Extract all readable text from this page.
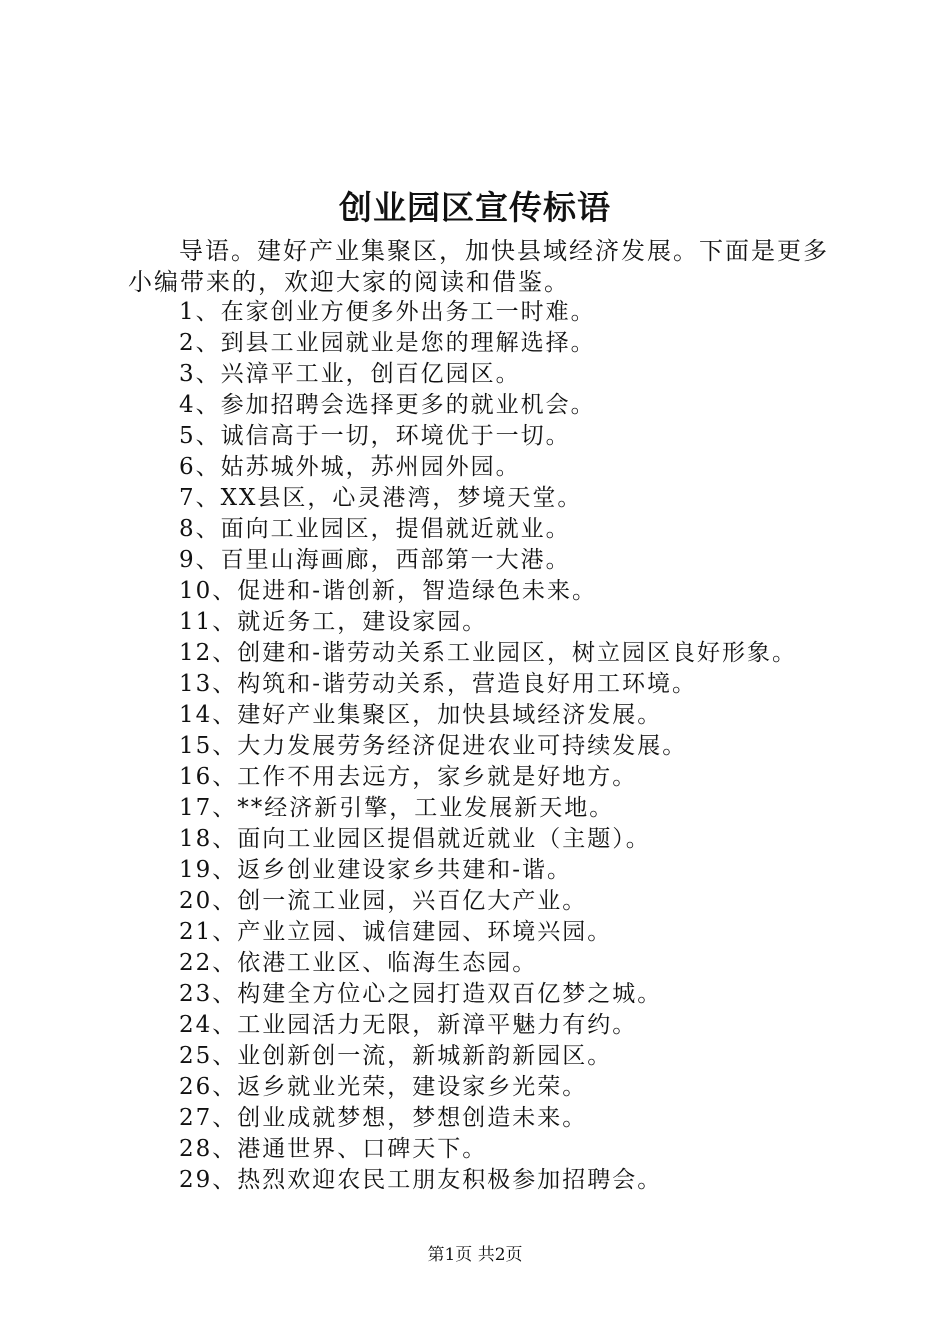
创业园区宣传标语
导语。建好产业集聚区，加快县域经济发展。下面是更多小编带来的，欢迎大家的阅读和借鉴。
1、在家创业方便多外出务工一时难。
2、到县工业园就业是您的理解选择。
3、兴漳平工业，创百亿园区。
4、参加招聘会选择更多的就业机会。
5、诚信高于一切，环境优于一切。
6、姑苏城外城，苏州园外园。
7、XX县区，心灵港湾，梦境天堂。
8、面向工业园区，提倡就近就业。
9、百里山海画廊，西部第一大港。
10、促进和-谐创新，智造绿色未来。
11、就近务工，建设家园。
12、创建和-谐劳动关系工业园区，树立园区良好形象。
13、构筑和-谐劳动关系，营造良好用工环境。
14、建好产业集聚区，加快县域经济发展。
15、大力发展劳务经济促进农业可持续发展。
16、工作不用去远方，家乡就是好地方。
17、**经济新引擎，工业发展新天地。
18、面向工业园区提倡就近就业（主题）。
19、返乡创业建设家乡共建和-谐。
20、创一流工业园，兴百亿大产业。
21、产业立园、诚信建园、环境兴园。
22、依港工业区、临海生态园。
23、构建全方位心之园打造双百亿梦之城。
24、工业园活力无限，新漳平魅力有约。
25、业创新创一流，新城新韵新园区。
26、返乡就业光荣，建设家乡光荣。
27、创业成就梦想，梦想创造未来。
28、港通世界、口碑天下。
29、热烈欢迎农民工朋友积极参加招聘会。
第1页 共2页
